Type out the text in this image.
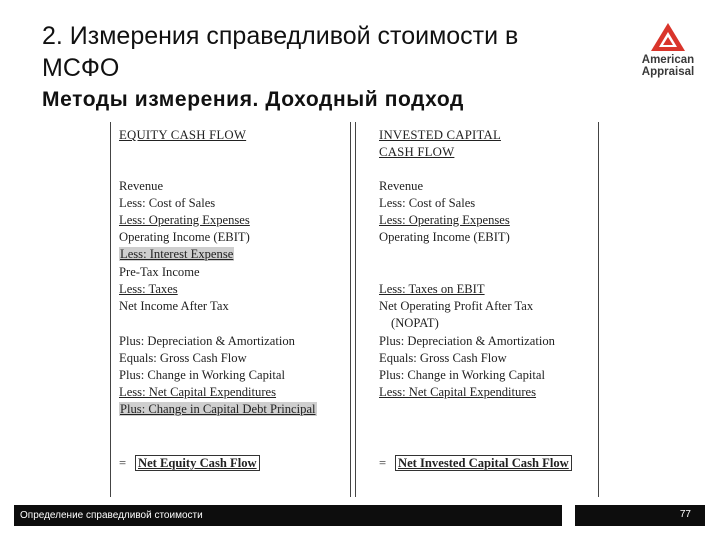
2. Измерения справедливой стоимости в МСФО
Методы измерения. Доходный подход
American
Appraisal
EQUITY CASH FLOW
Revenue
Less: Cost of Sales
Less: Operating Expenses
Operating Income (EBIT)
Less: Interest Expense
Pre-Tax Income
Less: Taxes
Net Income After Tax
Plus: Depreciation & Amortization
Equals: Gross Cash Flow
Plus: Change in Working Capital
Less: Net Capital Expenditures
Plus: Change in Capital Debt Principal
= Net Equity Cash Flow
INVESTED CAPITAL
CASH FLOW
Revenue
Less: Cost of Sales
Less: Operating Expenses
Operating Income (EBIT)
Less: Taxes on EBIT
Net Operating Profit After Tax
(NOPAT)
Plus: Depreciation & Amortization
Equals: Gross Cash Flow
Plus: Change in Working Capital
Less: Net Capital Expenditures
= Net Invested Capital Cash Flow
Определение справедливой стоимости	77
